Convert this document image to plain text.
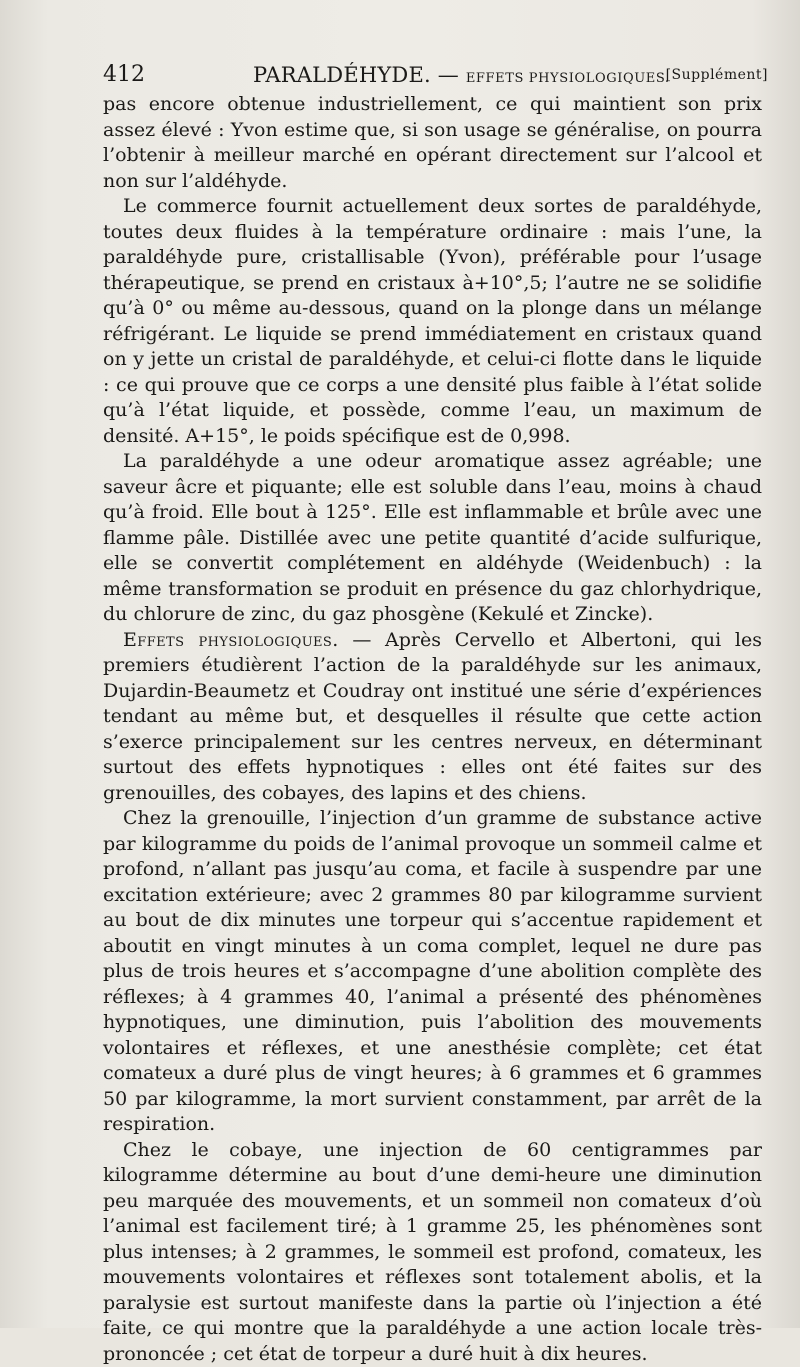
412	PARALDÉHYDE. — EFFETS PHYSIOLOGIQUES.
[Supplément]

pas encore obtenue industriellement, ce qui maintient son prix assez élevé : Yvon estime que, si son usage se généralise, on pourra l’obtenir à meilleur marché en opérant directement sur l’alcool et non sur l’aldéhyde.

Le commerce fournit actuellement deux sortes de paraldéhyde, toutes deux fluides à la température ordinaire : mais l’une, la paraldéhyde pure, cristallisable (Yvon), préférable pour l’usage thérapeutique, se prend en cristaux à+10°,5; l’autre ne se solidifie qu’à 0° ou même au-dessous, quand on la plonge dans un mélange réfrigérant. Le liquide se prend immédiatement en cristaux quand on y jette un cristal de paraldéhyde, et celui-ci flotte dans le liquide : ce qui prouve que ce corps a une densité plus faible à l’état solide qu’à l’état liquide, et possède, comme l’eau, un maximum de densité. A+15°, le poids spécifique est de 0,998.

La paraldéhyde a une odeur aromatique assez agréable; une saveur âcre et piquante; elle est soluble dans l’eau, moins à chaud qu’à froid. Elle bout à 125°. Elle est inflammable et brûle avec une flamme pâle. Distillée avec une petite quantité d’acide sulfurique, elle se convertit complétement en aldéhyde (Weidenbuch) : la même transformation se produit en présence du gaz chlorhydrique, du chlorure de zinc, du gaz phosgène (Kekulé et Zincke).

Effets physiologiques. — Après Cervello et Albertoni, qui les premiers étudièrent l’action de la paraldéhyde sur les animaux, Dujardin-Beaumetz et Coudray ont institué une série d’expériences tendant au même but, et desquelles il résulte que cette action s’exerce principalement sur les centres nerveux, en déterminant surtout des effets hypnotiques : elles ont été faites sur des grenouilles, des cobayes, des lapins et des chiens.

Chez la grenouille, l’injection d’un gramme de substance active par kilogramme du poids de l’animal provoque un sommeil calme et profond, n’allant pas jusqu’au coma, et facile à suspendre par une excitation extérieure; avec 2 grammes 80 par kilogramme survient au bout de dix minutes une torpeur qui s’accentue rapidement et aboutit en vingt minutes à un coma complet, lequel ne dure pas plus de trois heures et s’accompagne d’une abolition complète des réflexes; à 4 grammes 40, l’animal a présenté des phénomènes hypnotiques, une diminution, puis l’abolition des mouvements volontaires et réflexes, et une anesthésie complète; cet état comateux a duré plus de vingt heures; à 6 grammes et 6 grammes 50 par kilogramme, la mort survient constamment, par arrêt de la respiration.

Chez le cobaye, une injection de 60 centigrammes par kilogramme détermine au bout d’une demi-heure une diminution peu marquée des mouvements, et un sommeil non comateux d’où l’animal est facilement tiré; à 1 gramme 25, les phénomènes sont plus intenses; à 2 grammes, le sommeil est profond, comateux, les mouvements volontaires et réflexes sont totalement abolis, et la paralysie est surtout manifeste dans la partie où l’injection a été faite, ce qui montre que la paraldéhyde a une action locale très-prononcée ; cet état de torpeur a duré huit à dix heures.
